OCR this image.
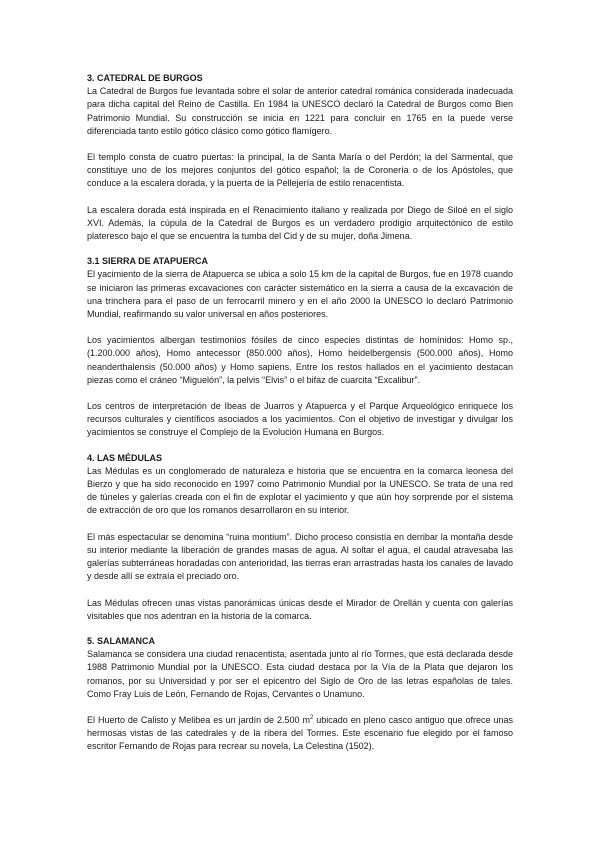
3. CATEDRAL DE BURGOS

La Catedral de Burgos fue levantada sobre el solar de anterior catedral románica considerada inadecuada para dicha capital del Reino de Castilla. En 1984 la UNESCO declaró la Catedral de Burgos como Bien Patrimonio Mundial. Su construcción se inicia en 1221 para concluir en 1765 en la puede verse diferenciada tanto estilo gótico clásico como gótico flamígero.

El templo consta de cuatro puertas: la principal, la de Santa María o del Perdón; la del Sarmental, que constituye uno de los mejores conjuntos del gótico español; la de Coronería o de los Apóstoles, que conduce a la escalera dorada, y la puerta de la Pellejería de estilo renacentista.

La escalera dorada está inspirada en el Renacimiento italiano y realizada por Diego de Siloé en el siglo XVI. Además, la cúpula de la Catedral de Burgos es un verdadero prodigio arquitectónico de estilo plateresco bajo el que se encuentra la tumba del Cid y de su mujer, doña Jimena.

3.1 SIERRA DE ATAPUERCA

El yacimiento de la sierra de Atapuerca se ubica a solo 15 km de la capital de Burgos, fue en 1978 cuando se iniciaron las primeras excavaciones con carácter sistemático en la sierra a causa de la excavación de una trinchera para el paso de un ferrocarril minero y en el año 2000 la UNESCO lo declaró Patrimonio Mundial, reafirmando su valor universal en años posteriores.

Los yacimientos albergan testimonios fósiles de cinco especies distintas de homínidos: Homo sp., (1.200.000 años), Homo antecessor (850.000 años), Homo heidelbergensis (500.000 años), Homo neanderthalensis (50.000 años) y Homo sapiens. Entre los restos hallados en el yacimiento destacan piezas como el cráneo “Miguelón”, la pelvis “Elvis” o el bifaz de cuarcita “Excalibur”.

Los centros de interpretación de Ibeas de Juarros y Atapuerca y el Parque Arqueológico enriquece los recursos culturales y científicos asociados a los yacimientos. Con el objetivo de investigar y divulgar los yacimientos se construye el Complejo de la Evolución Humana en Burgos.

4. LAS MÉDULAS

Las Médulas es un conglomerado de naturaleza e historia que se encuentra en la comarca leonesa del Bierzo y que ha sido reconocido en 1997 como Patrimonio Mundial por la UNESCO. Se trata de una red de túneles y galerías creada con el fin de explotar el yacimiento y que aún hoy sorprende por el sistema de extracción de oro que los romanos desarrollaron en su interior.

El más espectacular se denomina “ruina montium”. Dicho proceso consistía en derribar la montaña desde su interior mediante la liberación de grandes masas de agua. Al soltar el agua, el caudal atravesaba las galerías subterráneas horadadas con anterioridad, las tierras eran arrastradas hasta los canales de lavado y desde allí se extraía el preciado oro.

Las Médulas ofrecen unas vistas panorámicas únicas desde el Mirador de Orellán y cuenta con galerías visitables que nos adentran en la historia de la comarca.

5. SALAMANCA

Salamanca se considera una ciudad renacentista, asentada junto al río Tormes, que está declarada desde 1988 Patrimonio Mundial por la UNESCO. Esta ciudad destaca por la Vía de la Plata que dejaron los romanos, por su Universidad y por ser el epicentro del Siglo de Oro de las letras españolas de tales. Como Fray Luis de León, Fernando de Rojas, Cervantes o Unamuno.

El Huerto de Calisto y Melibea es un jardín de 2.500 $m^2$ ubicado en pleno casco antiguo que ofrece unas hermosas vistas de las catedrales y de la ribera del Tormes. Este escenario fue elegido por el famoso escritor Fernando de Rojas para recrear su novela, La Celestina (1502).
